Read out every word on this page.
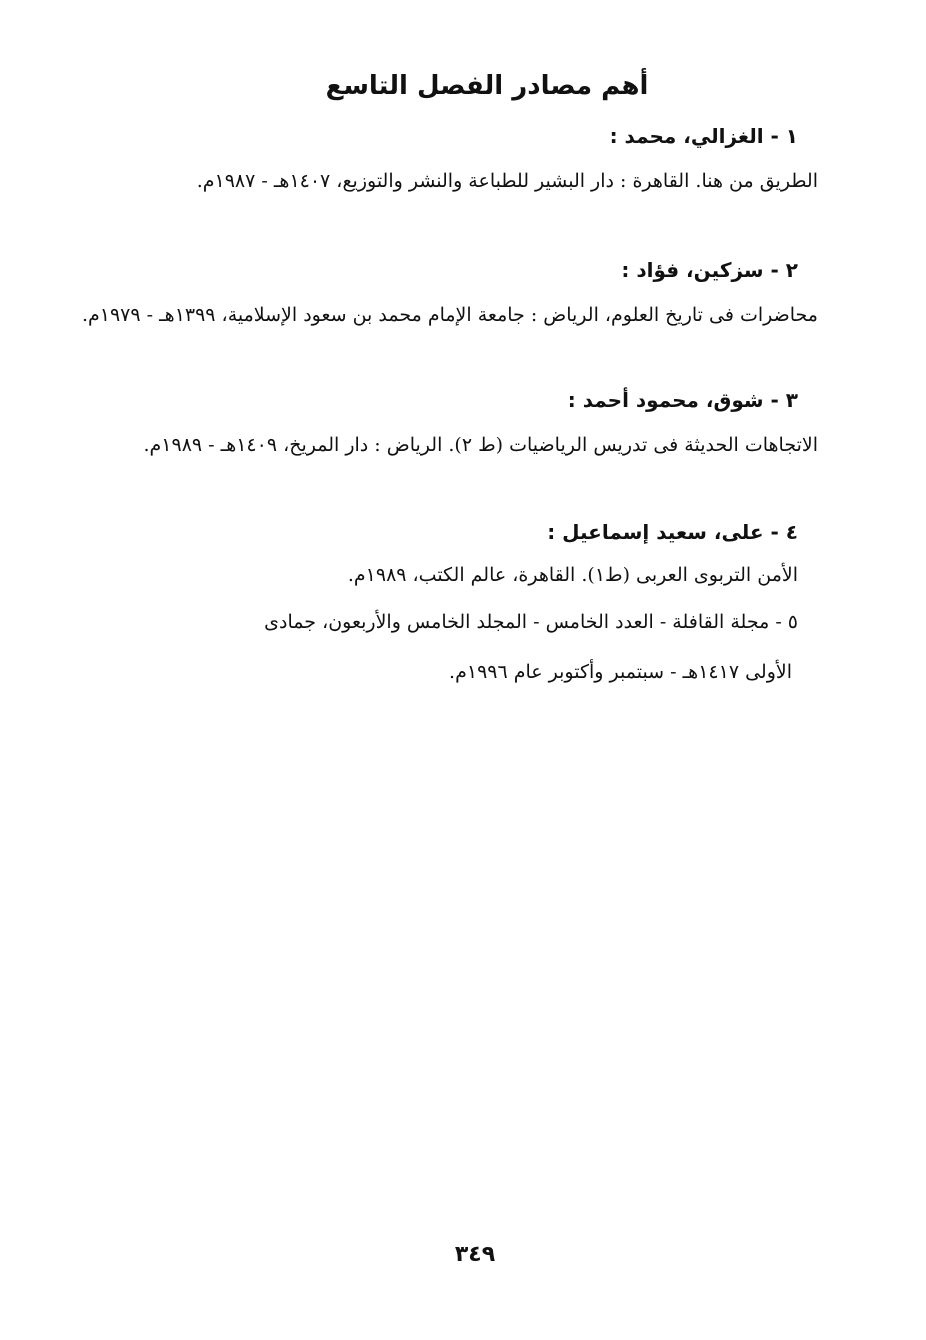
أهم مصادر الفصل التاسع
١ - الغزالي، محمد :
الطريق من هنا. القاهرة : دار البشير للطباعة والنشر والتوزيع، ١٤٠٧هـ - ١٩٨٧م.
٢ - سزكين، فؤاد :
محاضرات فى تاريخ العلوم، الرياض : جامعة الإمام محمد بن سعود الإسلامية، ١٣٩٩هـ - ١٩٧٩م.
٣ - شوق، محمود أحمد :
الاتجاهات الحديثة فى تدريس الرياضيات (ط ٢). الرياض : دار المريخ، ١٤٠٩هـ - ١٩٨٩م.
٤ - على، سعيد إسماعيل :
الأمن التربوى العربى (ط١). القاهرة، عالم الكتب، ١٩٨٩م.
٥ - مجلة القافلة - العدد الخامس - المجلد الخامس والأربعون، جمادى
الأولى ١٤١٧هـ - سبتمبر وأكتوبر عام ١٩٩٦م.
٣٤٩
